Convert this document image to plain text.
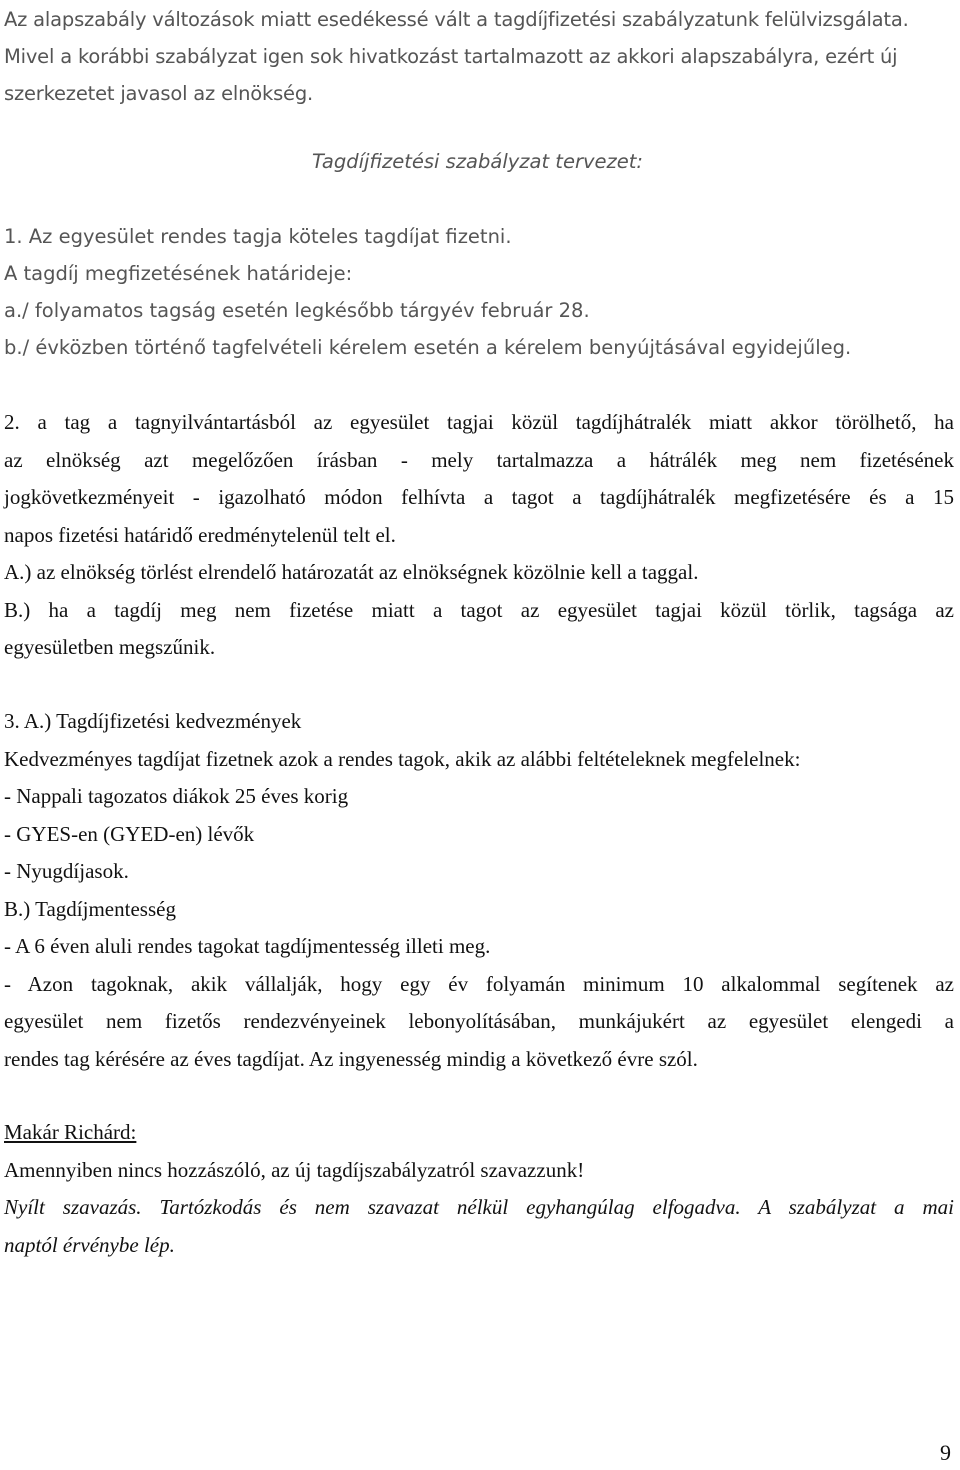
Az alapszabály változások miatt esedékessé vált a tagdíjfizetési szabályzatunk felülvizsgálata.
Mivel a korábbi szabályzat igen sok hivatkozást tartalmazott az akkori alapszabályra, ezért új
szerkezetet javasol az elnökség.
Tagdíjfizetési szabályzat tervezet:
1. Az egyesület rendes tagja köteles tagdíjat fizetni.
A tagdíj megfizetésének határideje:
a./ folyamatos tagság esetén legkésőbb tárgyév február 28.
b./ évközben történő tagfelvételi kérelem esetén a kérelem benyújtásával egyidejűleg.
2. a tag a tagnyilvántartásból az egyesület tagjai közül tagdíjhátralék miatt akkor törölhető, ha
az elnökség azt megelőzően írásban - mely tartalmazza a hátrálék meg nem fizetésének
jogkövetkezményeit - igazolható módon felhívta a tagot a tagdíjhátralék megfizetésére és a 15
napos fizetési határidő eredménytelenül telt el.
A.) az elnökség törlést elrendelő határozatát az elnökségnek közölnie kell a taggal.
B.) ha a tagdíj meg nem fizetése miatt a tagot az egyesület tagjai közül törlik, tagsága az
egyesületben megszűnik.
3. A.) Tagdíjfizetési kedvezmények
Kedvezményes tagdíjat fizetnek azok a rendes tagok, akik az alábbi feltételeknek megfelelnek:
- Nappali tagozatos diákok 25 éves korig
- GYES-en (GYED-en) lévők
- Nyugdíjasok.
B.) Tagdíjmentesség
- A 6 éven aluli rendes tagokat tagdíjmentesség illeti meg.
- Azon tagoknak, akik vállalják, hogy egy év folyamán minimum 10 alkalommal segítenek az
egyesület nem fizetős rendezvényeinek lebonyolításában, munkájukért az egyesület elengedi a
rendes tag kérésére az éves tagdíjat. Az ingyenesség mindig a következő évre szól.
Makár Richárd:
Amennyiben nincs hozzászóló, az új tagdíjszabályzatról szavazzunk!
Nyílt szavazás. Tartózkodás és nem szavazat nélkül egyhangúlag elfogadva. A szabályzat a mai
naptól érvénybe lép.
9
